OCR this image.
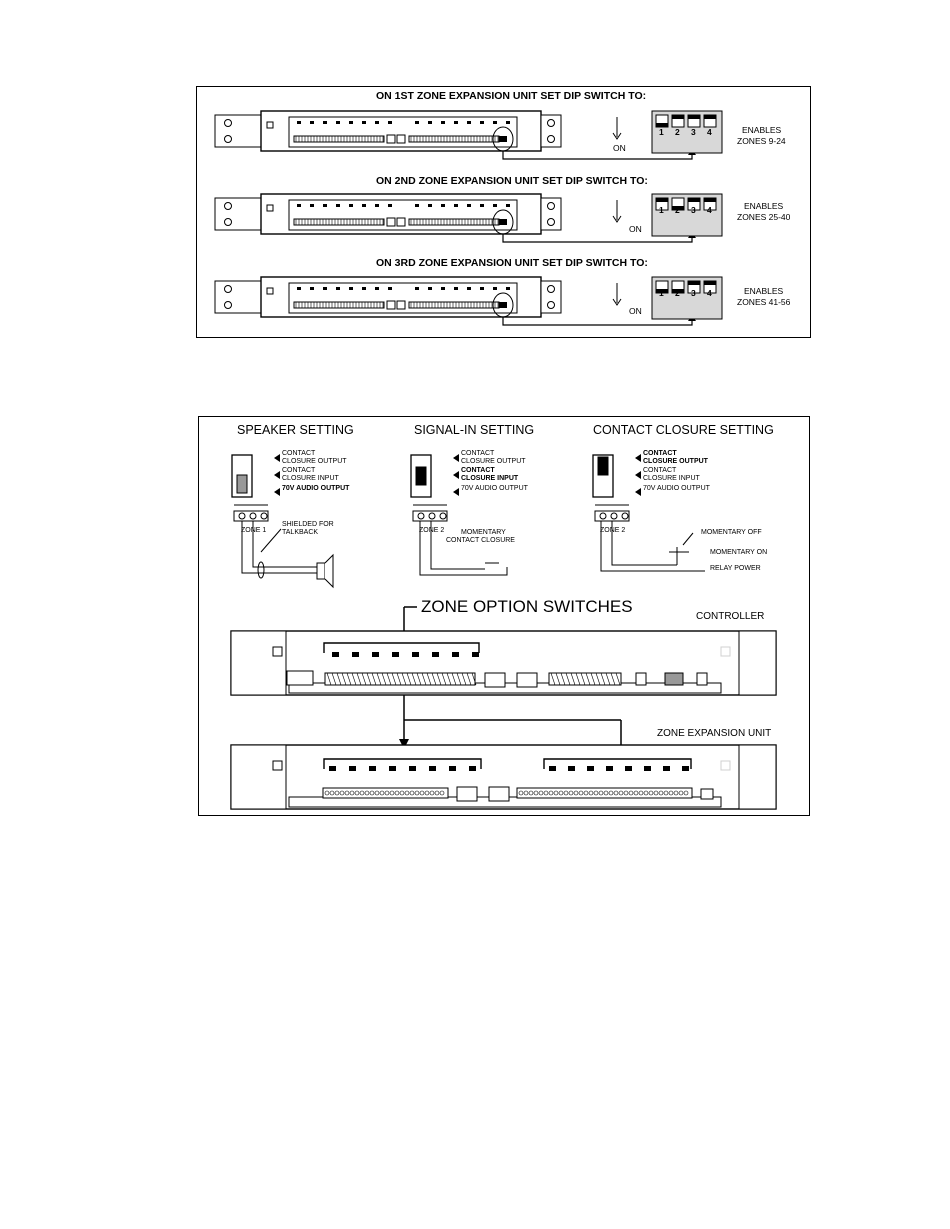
ON 1ST ZONE EXPANSION UNIT SET DIP SWITCH TO:
ON
ENABLES
ZONES 9-24
1 2 3 4
ON 2ND ZONE EXPANSION UNIT SET DIP SWITCH TO:
ON
ENABLES
ZONES 25-40
1 2 3 4
ON 3RD ZONE EXPANSION UNIT SET DIP SWITCH TO:
ON
ENABLES
ZONES 41-56
1 2 3 4
SPEAKER SETTING	SIGNAL-IN SETTING	CONTACT CLOSURE SETTING
CONTACT
CLOSURE OUTPUT
CONTACT
CLOSURE INPUT
70V AUDIO OUTPUT
ZONE 1
SHIELDED FOR
TALKBACK
CONTACT
CLOSURE OUTPUT
CONTACT
CLOSURE INPUT
70V AUDIO OUTPUT
ZONE 2 MOMENTARY
CONTACT CLOSURE
CONTACT
CLOSURE OUTPUT
CONTACT
CLOSURE INPUT
70V AUDIO OUTPUT
ZONE 2	MOMENTARY OFF
MOMENTARY ON
RELAY POWER
ZONE OPTION SWITCHES
CONTROLLER
ZONE EXPANSION UNIT
